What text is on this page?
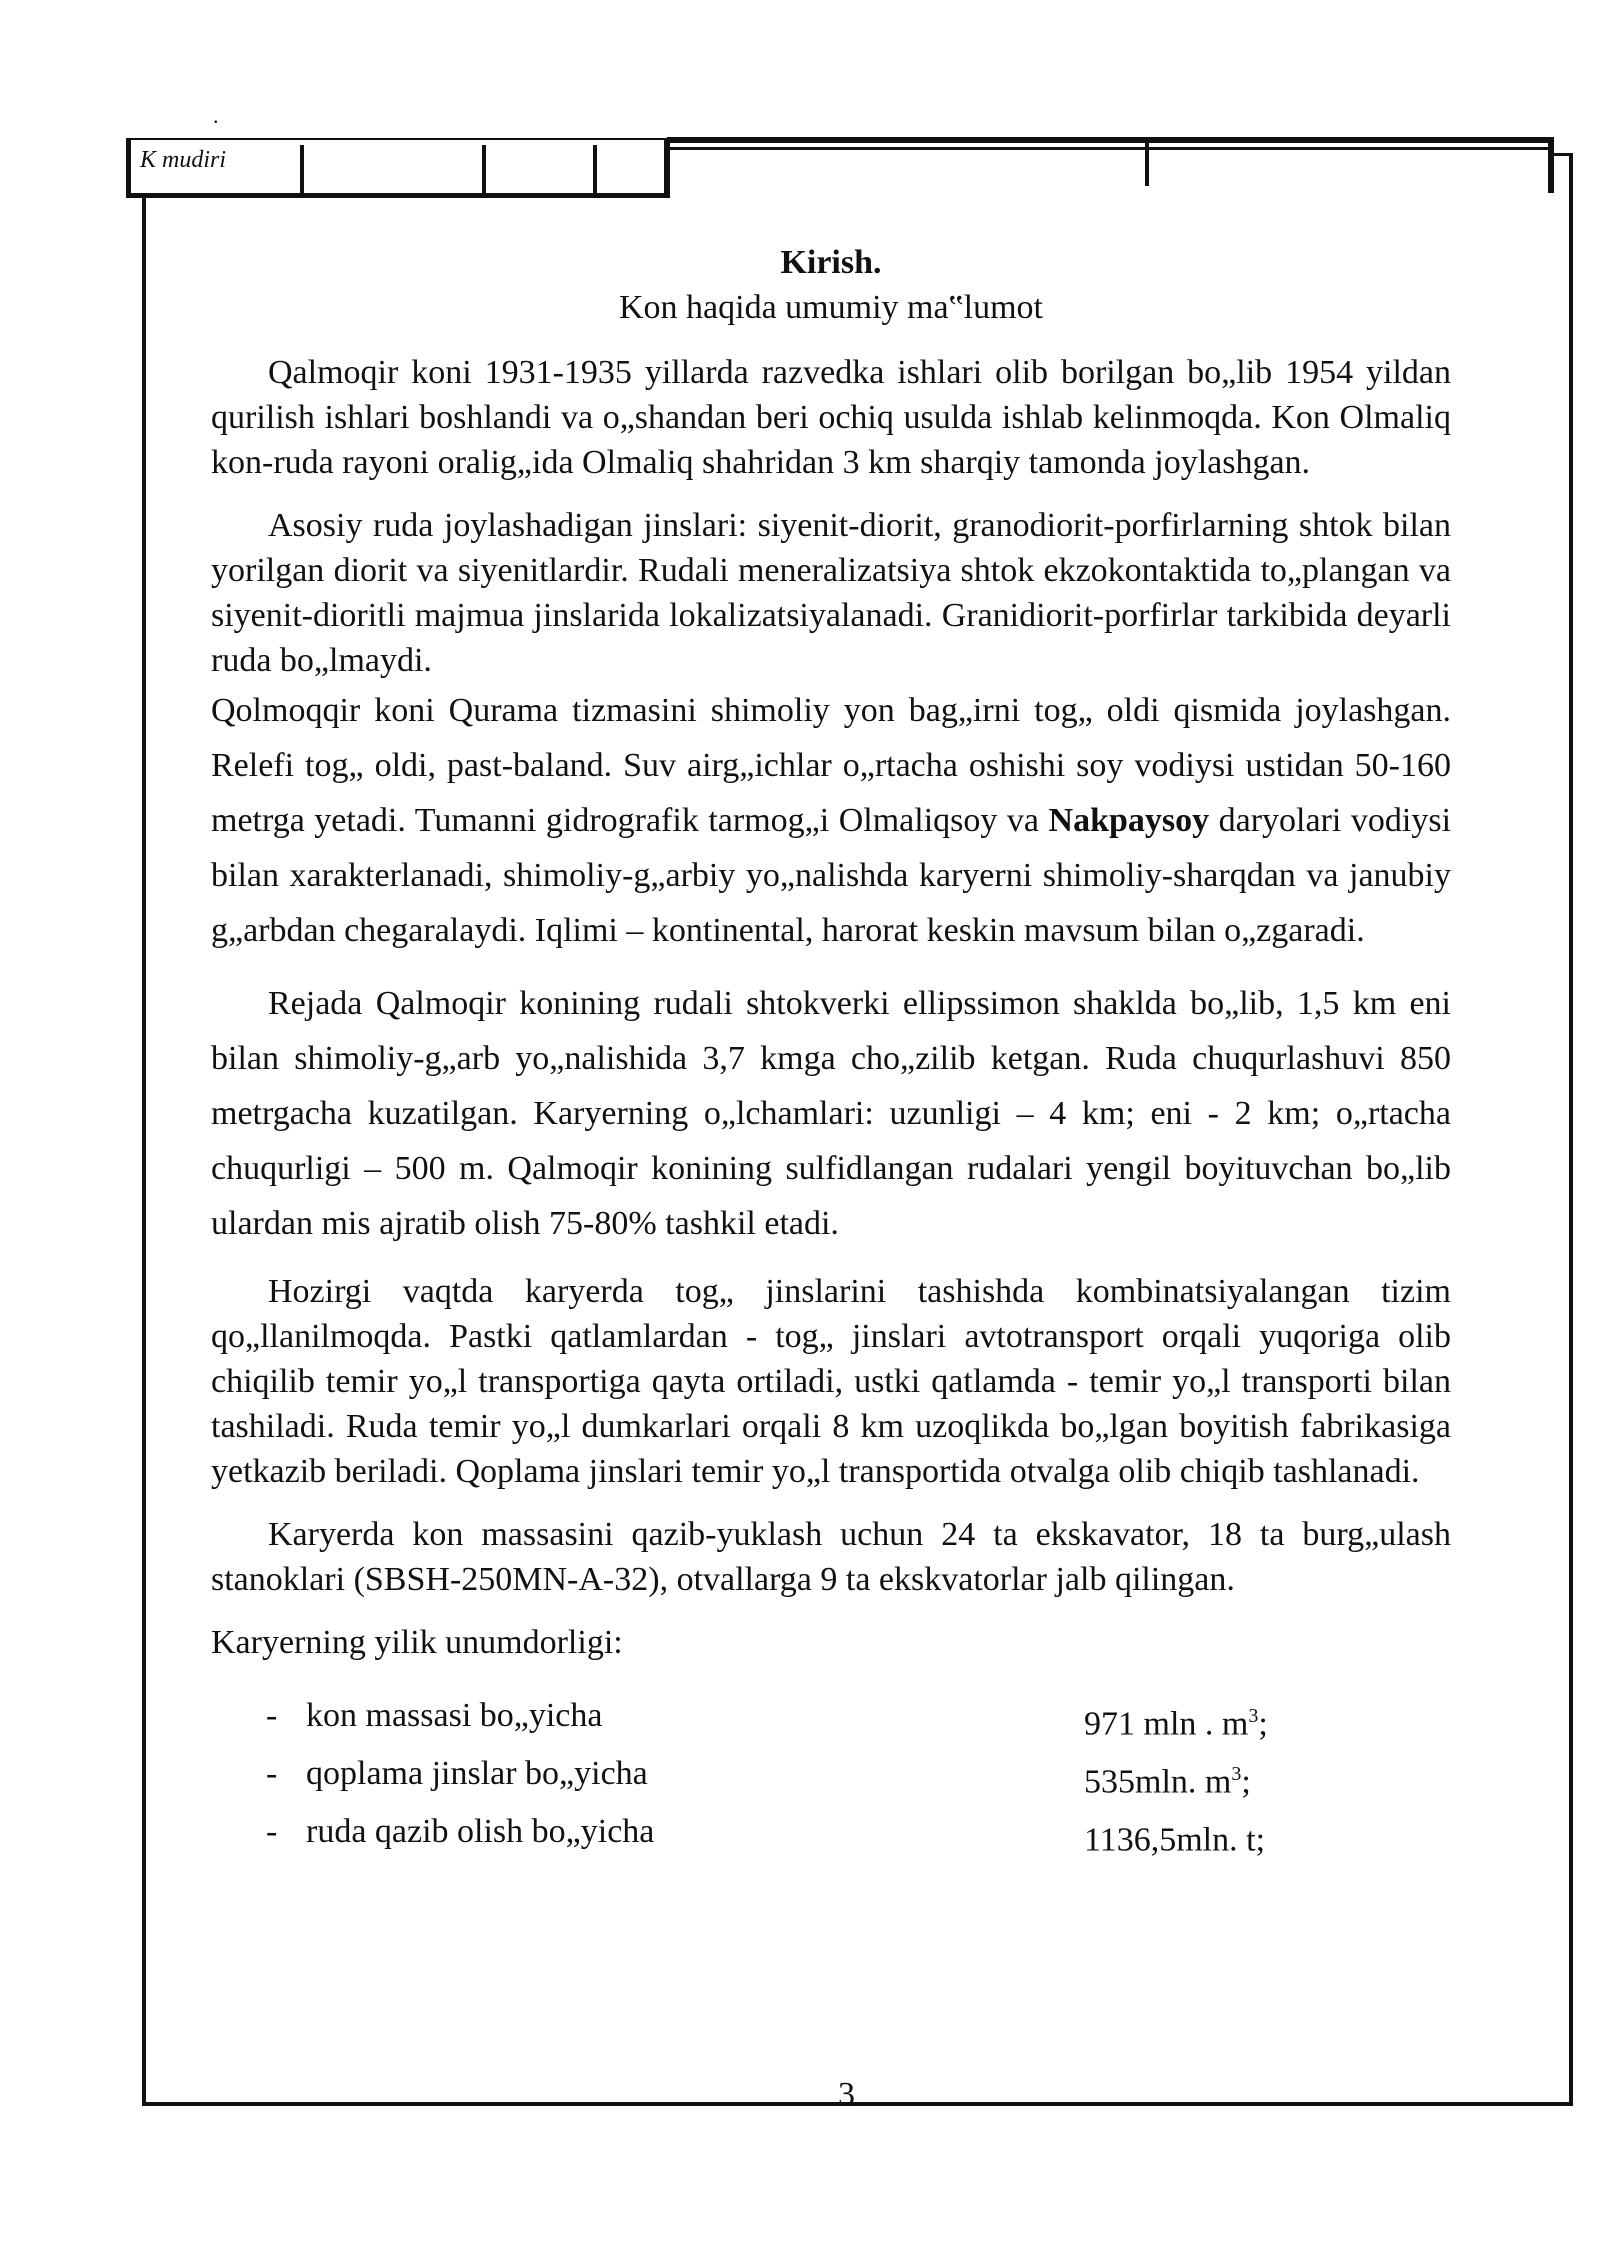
.
K mudiri

Kirish.

Kon haqida umumiy ma‟lumot

Qalmoqir koni 1931-1935 yillarda razvedka ishlari olib borilgan bo„lib 1954 yildan qurilish ishlari boshlandi va o„shandan beri ochiq usulda ishlab kelinmoqda. Kon Olmaliq kon-ruda rayoni oralig„ida Olmaliq shahridan 3 km sharqiy tamonda joylashgan.

Asosiy ruda joylashadigan jinslari: siyenit-diorit, granodiorit-porfirlarning shtok bilan yorilgan diorit va siyenitlardir. Rudali meneralizatsiya shtok ekzokontaktida to„plangan va siyenit-dioritli majmua jinslarida lokalizatsiyalanadi. Granidiorit-porfirlar tarkibida deyarli ruda bo„lmaydi.

Qolmoqqir koni Qurama tizmasini shimoliy yon bag„irni tog„ oldi qismida joylashgan. Relefi tog„ oldi, past-baland. Suv airg„ichlar o„rtacha oshishi soy vodiysi ustidan 50-160 metrga yetadi. Tumanni gidrografik tarmog„i Olmaliqsoy va Nakpaysoy daryolari vodiysi bilan xarakterlanadi, shimoliy-g„arbiy yo„nalishda karyerni shimoliy-sharqdan va janubiy g„arbdan chegaralaydi. Iqlimi – kontinental, harorat keskin mavsum bilan o„zgaradi.

Rejada Qalmoqir konining rudali shtokverki ellipssimon shaklda bo„lib, 1,5 km eni bilan shimoliy-g„arb yo„nalishida 3,7 kmga cho„zilib ketgan. Ruda chuqurlashuvi 850 metrgacha kuzatilgan. Karyerning o„lchamlari: uzunligi – 4 km; eni - 2 km; o„rtacha chuqurligi – 500 m. Qalmoqir konining sulfidlangan rudalari yengil boyituvchan bo„lib ulardan mis ajratib olish 75-80% tashkil etadi.

Hozirgi vaqtda karyerda tog„ jinslarini tashishda kombinatsiyalangan tizim qo„llanilmoqda. Pastki qatlamlardan - tog„ jinslari avtotransport orqali yuqoriga olib chiqilib temir yo„l transportiga qayta ortiladi, ustki qatlamda - temir yo„l transporti bilan tashiladi. Ruda temir yo„l dumkarlari orqali 8 km uzoqlikda bo„lgan boyitish fabrikasiga yetkazib beriladi. Qoplama jinslari temir yo„l transportida otvalga olib chiqib tashlanadi.

Karyerda kon massasini qazib-yuklash uchun 24 ta ekskavator, 18 ta burg„ulash stanoklari (SBSH-250MN-A-32), otvallarga 9 ta ekskvatorlar jalb qilingan.

Karyerning yilik unumdorligi:

- kon massasi bo„yicha	971 mln . $m^3$;
- qoplama jinslar bo„yicha	535mln. $m^3$;
- ruda qazib olish bo„yicha	1136,5mln. t;
3
